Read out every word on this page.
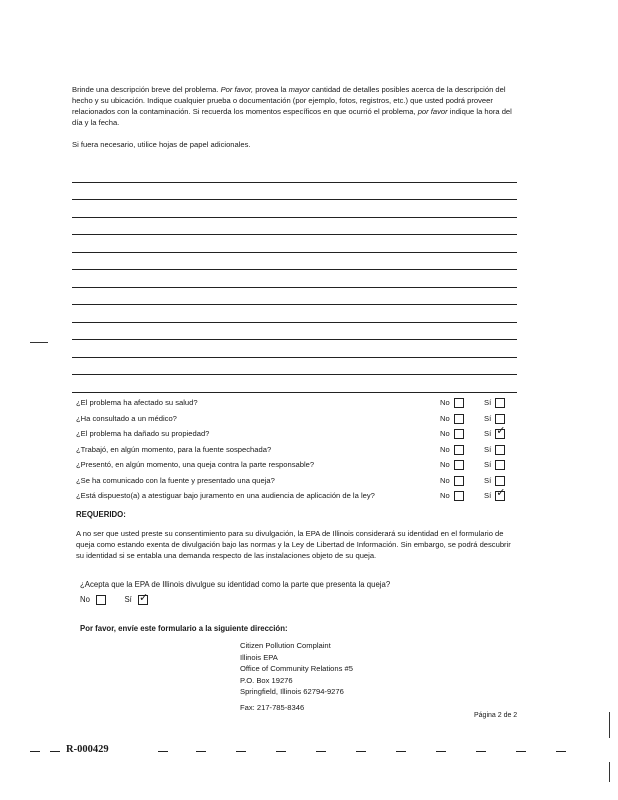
Brinde una descripción breve del problema. Por favor, provea la mayor cantidad de detalles posibles acerca de la descripción del hecho y su ubicación. Indique cualquier prueba o documentación (por ejemplo, fotos, registros, etc.) que usted podrá proveer relacionados con la contaminación. Si recuerda los momentos específicos en que ocurrió el problema, por favor indique la hora del día y la fecha.

Si fuera necesario, utilice hojas de papel adicionales.
¿El problema ha afectado su salud?	No	Sí
¿Ha consultado a un médico?	No	Sí
¿El problema ha dañado su propiedad?	No	Sí✓
¿Trabajó, en algún momento, para la fuente sospechada?	No	Sí
¿Presentó, en algún momento, una queja contra la parte responsable?	No	Sí
¿Se ha comunicado con la fuente y presentado una queja?	No	Sí
¿Está dispuesto(a) a atestiguar bajo juramento en una audiencia de aplicación de la ley?	No	Sí✓
REQUERIDO:
A no ser que usted preste su consentimiento para su divulgación, la EPA de Illinois considerará su identidad en el formulario de queja como estando exenta de divulgación bajo las normas y la Ley de Libertad de Información. Sin embargo, se podrá descubrir su identidad si se entabla una demanda respecto de las instalaciones objeto de su queja.
¿Acepta que la EPA de Illinois divulgue su identidad como la parte que presenta la queja?
No	Sí ✓
Por favor, envíe este formulario a la siguiente dirección:
Citizen Pollution Complaint
Illinois EPA
Office of Community Relations #5
P.O. Box 19276
Springfield, Illinois 62794-9276
Fax: 217-785-8346
Página 2 de 2
R-000429
